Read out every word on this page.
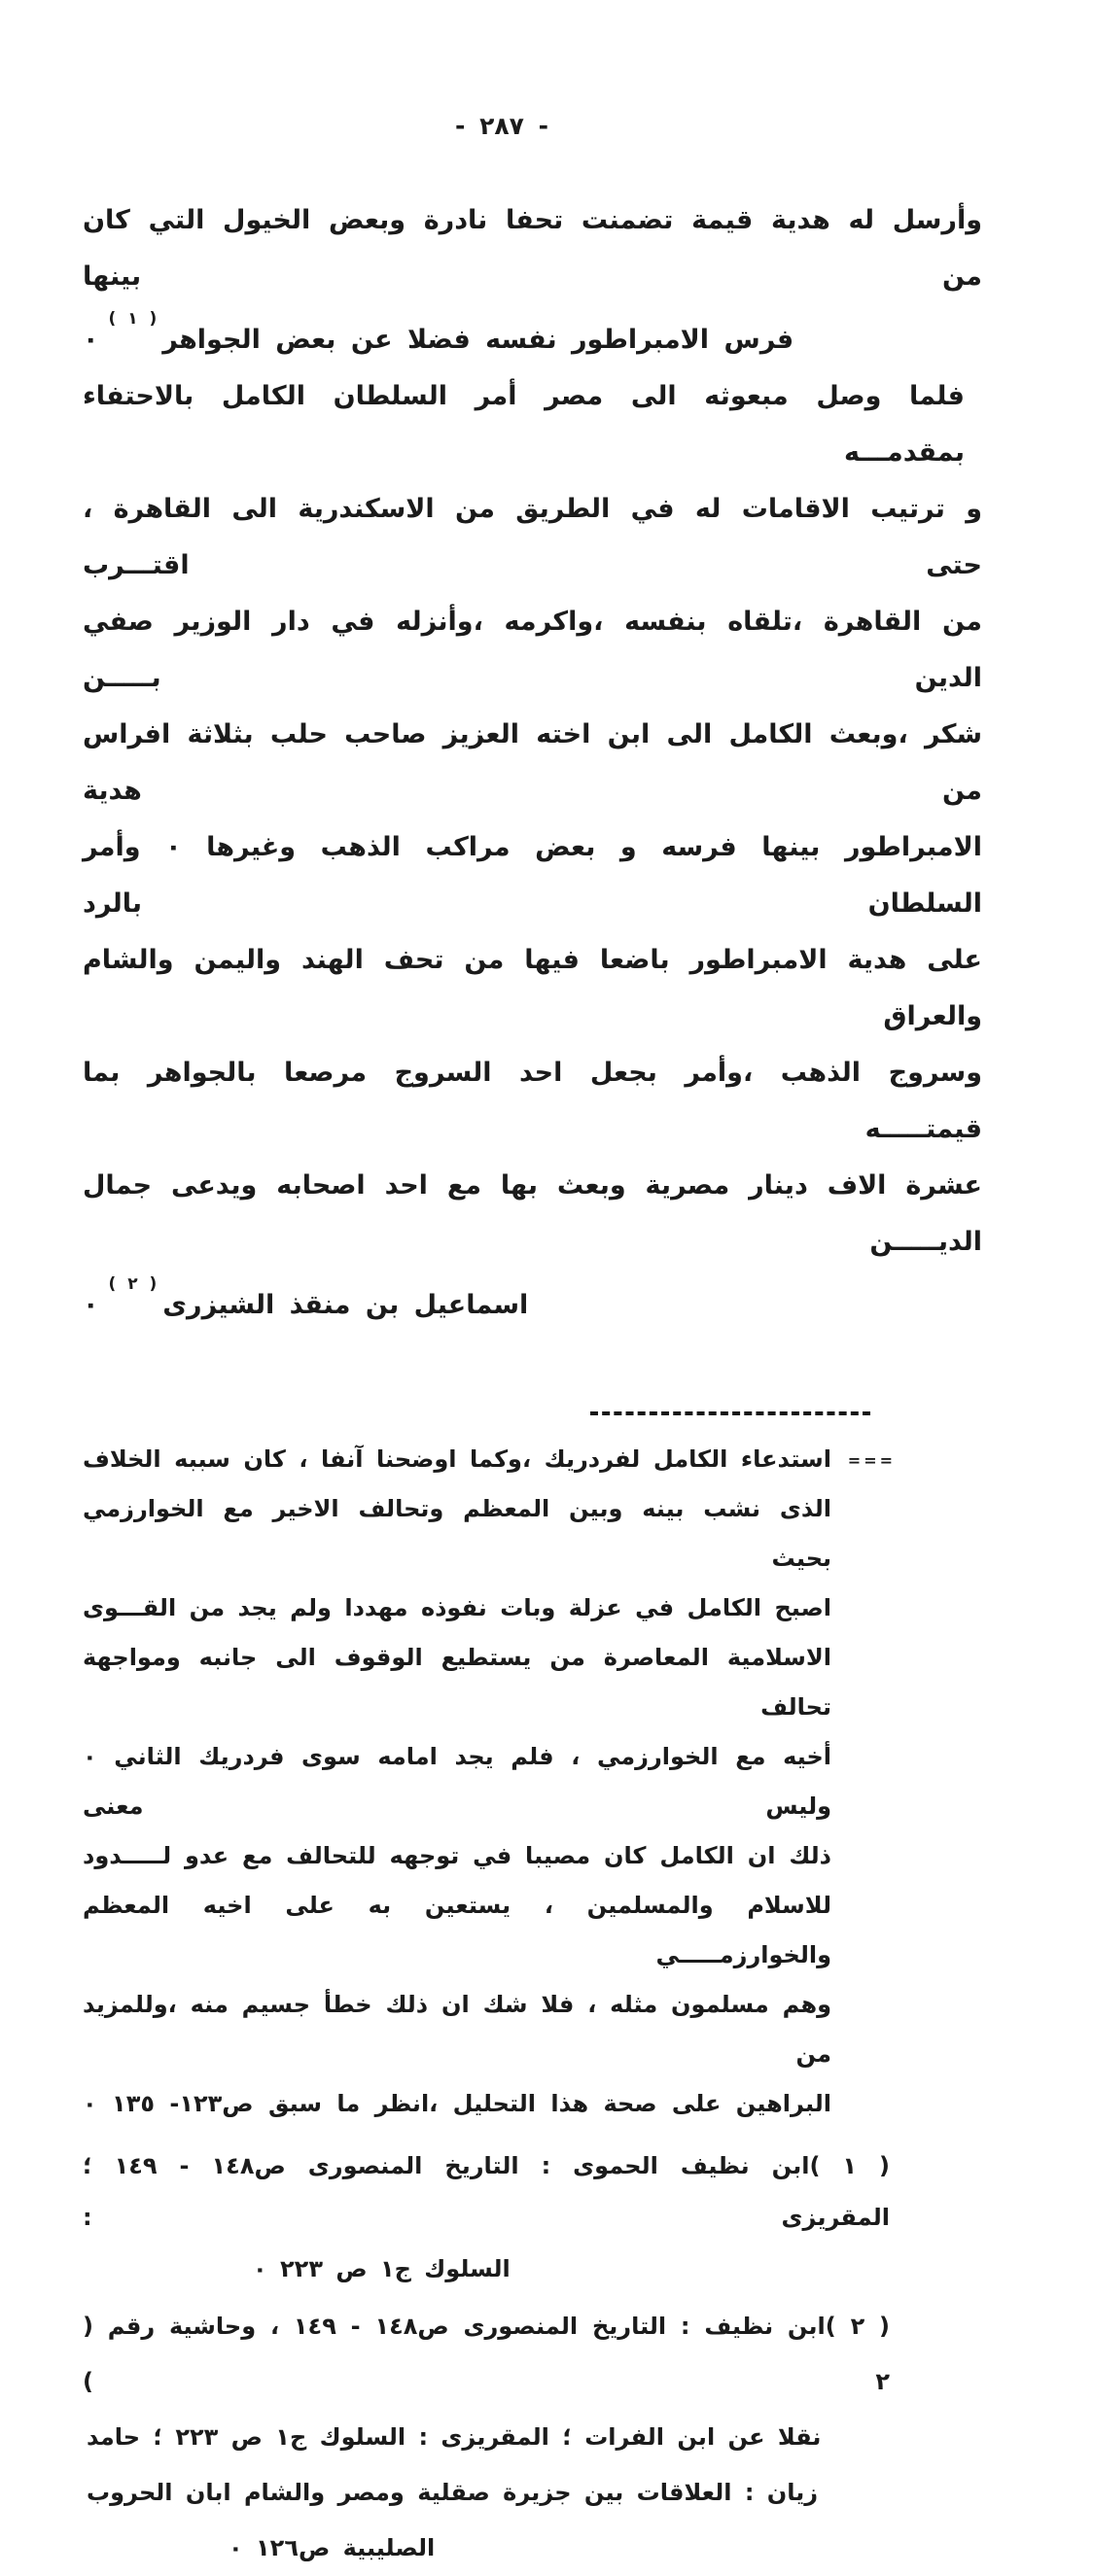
- ٢٨٧ -
وأرسل له هدية قيمة تضمنت تحفا نادرة وبعض الخيول التي كان من بينها
فرس الامبراطور نفسه فضلا عن بعض الجواهر$^{( ١ )}$٠
فلما وصل مبعوثه الى مصر أمر السلطان الكامل بالاحتفاء بمقدمـــه
و ترتيب الاقامات له في الطريق من الاسكندرية الى القاهرة ، حتى اقتـــرب
من القاهرة ،تلقاه بنفسه ،واكرمه ،وأنزله في دار الوزير صفي الدين بـــــن
شكر ،وبعث الكامل الى ابن اخته العزيز صاحب حلب بثلاثة افراس من هدية
الامبراطور بينها فرسه و بعض مراكب الذهب وغيرها ٠ وأمر السلطان بالرد
على هدية الامبراطور باضعا فيها من تحف الهند واليمن والشام والعراق
وسروج الذهب ،وأمر بجعل احد السروج مرصعا بالجواهر بما قيمتـــــه
عشرة الاف دينار مصرية وبعث بها مع احد اصحابه ويدعى جمال الديـــــن
اسماعيل بن منقذ الشيزرى$^{( ٢ )}$٠
===
استدعاء الكامل لفردريك ،وكما اوضحنا آنفا ، كان سببه الخلاف
الذى نشب بينه وبين المعظم وتحالف الاخير مع الخوارزمي بحيث
اصبح الكامل في عزلة وبات نفوذه مهددا ولم يجد من القـــوى
الاسلامية المعاصرة من يستطيع الوقوف الى جانبه ومواجهة تحالف
أخيه مع الخوارزمي ، فلم يجد امامه سوى فردريك الثاني ٠ وليس معنى
ذلك ان الكامل كان مصيبا في توجهه للتحالف مع عدو لـــــدود
للاسلام والمسلمين ، يستعين به على اخيه المعظم والخوارزمـــــي
وهم مسلمون مثله ، فلا شك ان ذلك خطأ جسيم منه ،وللمزيد من
البراهين على صحة هذا التحليل ،انظر ما سبق ص١٢٣- ١٣٥ ٠
( ١ )ابن نظيف الحموى : التاريخ المنصورى ص١٤٨ - ١٤٩ ؛ المقريزى :
السلوك ج١ ص ٢٢٣ ٠
( ٢ )ابن نظيف : التاريخ المنصورى ص١٤٨ - ١٤٩ ، وحاشية رقم ( ٢ )
نقلا عن ابن الفرات ؛ المقريزى : السلوك ج١ ص ٢٢٣ ؛ حامد
زيان : العلاقات بين جزيرة صقلية ومصر والشام ابان الحروب
الصليبية ص١٢٦ ٠
